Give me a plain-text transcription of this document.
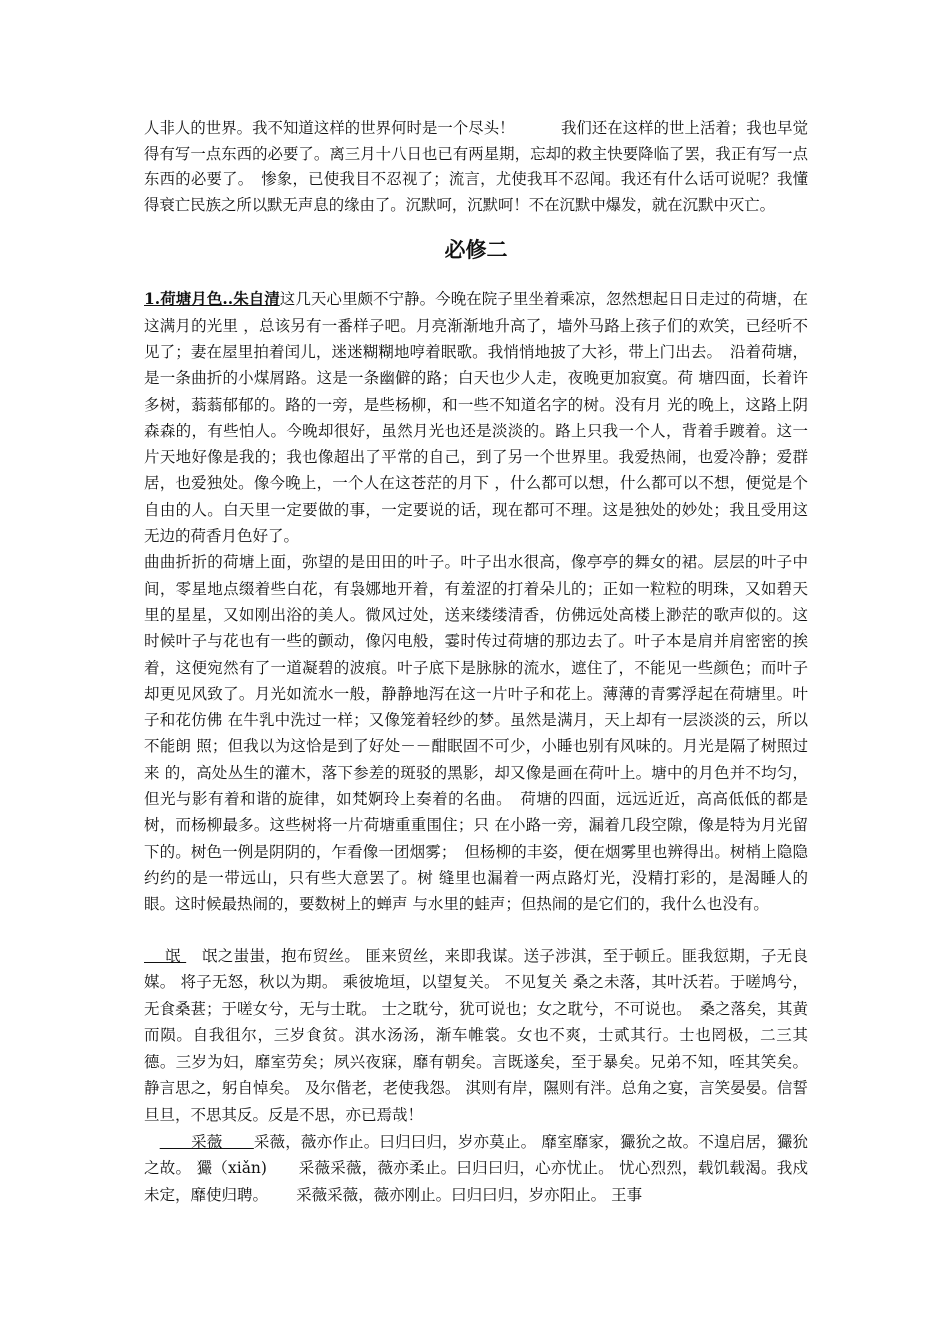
人非人的世界。我不知道这样的世界何时是一个尽头！　　　我们还在这样的世上活着；我也早觉得有写一点东西的必要了。离三月十八日也已有两星期，忘却的救主快要降临了罢，我正有写一点东西的必要了。　惨象，已使我目不忍视了；流言，尤使我耳不忍闻。我还有什么话可说呢？我懂得衰亡民族之所以默无声息的缘由了。沉默呵，沉默呵！不在沉默中爆发，就在沉默中灭亡。

必修二

1.荷塘月色..朱自清这几天心里颇不宁静。今晚在院子里坐着乘凉，忽然想起日日走过的荷塘，在这满月的光里 ，总该另有一番样子吧。月亮渐渐地升高了，墙外马路上孩子们的欢笑，已经听不见了；妻在屋里拍着闰儿，迷迷糊糊地哼着眠歌。我悄悄地披了大衫，带上门出去。　沿着荷塘，是一条曲折的小煤屑路。这是一条幽僻的路；白天也少人走，夜晚更加寂寞。荷 塘四面，长着许多树，蓊蓊郁郁的。路的一旁，是些杨柳，和一些不知道名字的树。没有月 光的晚上，这路上阴森森的，有些怕人。今晚却很好，虽然月光也还是淡淡的。路上只我一个人，背着手踱着。这一片天地好像是我的；我也像超出了平常的自己，到了另一个世界里。我爱热闹，也爱冷静；爱群居，也爱独处。像今晚上，一个人在这苍茫的月下 ，什么都可以想，什么都可以不想，便觉是个自由的人。白天里一定要做的事，一定要说的话，现在都可不理。这是独处的妙处；我且受用这无边的荷香月色好了。

曲曲折折的荷塘上面，弥望的是田田的叶子。叶子出水很高，像亭亭的舞女的裙。层层的叶子中间，零星地点缀着些白花，有袅娜地开着，有羞涩的打着朵儿的；正如一粒粒的明珠，又如碧天里的星星，又如刚出浴的美人。微风过处，送来缕缕清香，仿佛远处高楼上渺茫的歌声似的。这时候叶子与花也有一些的颤动，像闪电般，霎时传过荷塘的那边去了。叶子本是肩并肩密密的挨着，这便宛然有了一道凝碧的波痕。叶子底下是脉脉的流水，遮住了，不能见一些颜色；而叶子却更见风致了。月光如流水一般，静静地泻在这一片叶子和花上。薄薄的青雾浮起在荷塘里。叶子和花仿佛 在牛乳中洗过一样；又像笼着轻纱的梦。虽然是满月，天上却有一层淡淡的云，所以不能朗 照；但我以为这恰是到了好处－－酣眠固不可少，小睡也别有风味的。月光是隔了树照过来 的，高处丛生的灌木，落下参差的斑驳的黑影，却又像是画在荷叶上。塘中的月色并不均匀，但光与影有着和谐的旋律，如梵婀玲上奏着的名曲。　荷塘的四面，远远近近，高高低低的都是树，而杨柳最多。这些树将一片荷塘重重围住；只 在小路一旁，漏着几段空隙，像是特为月光留下的。树色一例是阴阴的，乍看像一团烟雾；　但杨柳的丰姿，便在烟雾里也辨得出。树梢上隐隐约约的是一带远山，只有些大意罢了。树 缝里也漏着一两点路灯光，没精打彩的，是渴睡人的眼。这时候最热闹的，要数树上的蝉声 与水里的蛙声；但热闹的是它们的，我什么也没有。

　 氓 　氓之蚩蚩，抱布贸丝。 匪来贸丝，来即我谋。送子涉淇，至于顿丘。匪我愆期，子无良媒。 将子无怒，秋以为期。 乘彼垝垣，以望复关。 不见复关 桑之未落，其叶沃若。于嗟鸠兮，无食桑葚；于嗟女兮，无与士耽。 士之耽兮，犹可说也；女之耽兮，不可说也。　桑之落矣，其黄而陨。自我徂尔，三岁食贫。淇水汤汤，渐车帷裳。女也不爽，士贰其行。士也罔极，二三其德。三岁为妇，靡室劳矣；夙兴夜寐，靡有朝矣。言既遂矣，至于暴矣。兄弟不知，咥其笑矣。静言思之，躬自悼矣。 及尔偕老，老使我怨。 淇则有岸，隰则有泮。总角之宴，言笑晏晏。信誓旦旦，不思其反。反是不思，亦已焉哉！

　　　采薇　　采薇，薇亦作止。曰归曰归，岁亦莫止。 靡室靡家，玁狁之故。不遑启居，玁狁之故。 玁（xiǎn)　　采薇采薇，薇亦柔止。曰归曰归，心亦忧止。 忧心烈烈，载饥载渴。我戍未定，靡使归聘。　　 采薇采薇，薇亦刚止。曰归曰归，岁亦阳止。 王事
